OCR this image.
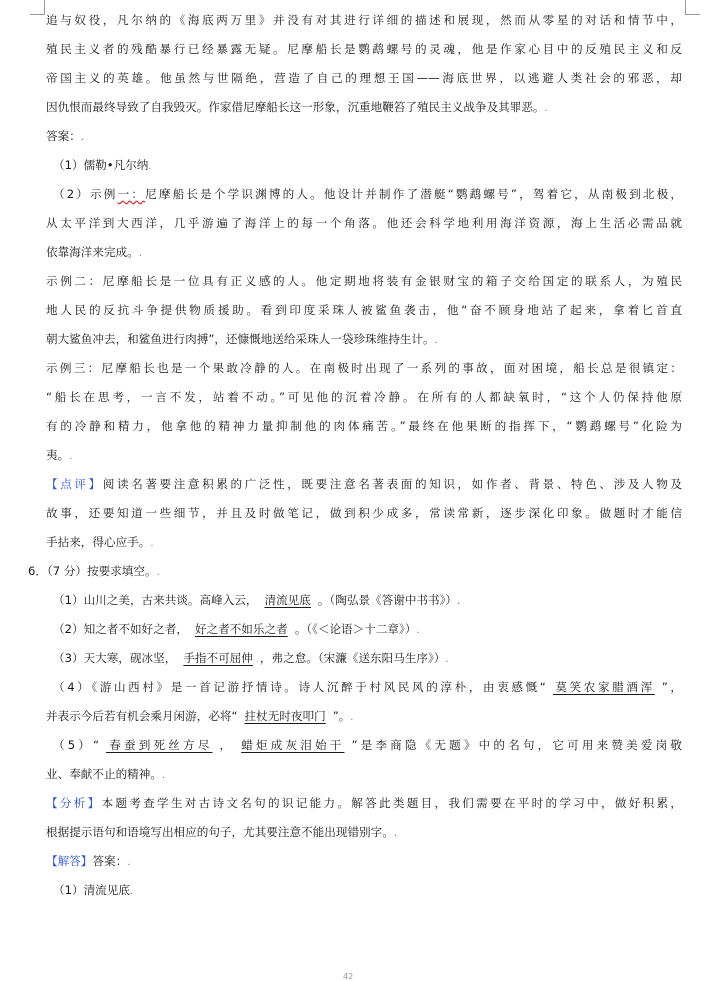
追与奴役，凡尔纳的《海底两万里》并没有对其进行详细的描述和展现，然而从零星的对话和情节中，
殖民主义者的残酷暴行已经暴露无疑。尼摩船长是鹦鹉螺号的灵魂，他是作家心目中的反殖民主义和反
帝国主义的英雄。他虽然与世隔绝，营造了自己的理想王国——海底世界，以逃避人类社会的邪恶，却
因仇恨而最终导致了自我毁灭。作家借尼摩船长这一形象，沉重地鞭笞了殖民主义战争及其罪恶。.
答案：.
（1）儒勒•凡尔纳.
（2）示例一：尼摩船长是个学识渊博的人。他设计并制作了潜艇“鹦鹉螺号”，驾着它，从南极到北极，
从太平洋到大西洋，几乎游遍了海洋上的每一个角落。他还会科学地利用海洋资源，海上生活必需品就
依靠海洋来完成。.
示例二：尼摩船长是一位具有正义感的人。他定期地将装有金银财宝的箱子交给国定的联系人，为殖民
地人民的反抗斗争提供物质援助。看到印度采珠人被鲨鱼袭击，他“奋不顾身地站了起来，拿着匕首直
朝大鲨鱼冲去，和鲨鱼进行肉搏”，还慷慨地送给采珠人一袋珍珠维持生计。.
示例三：尼摩船长也是一个果敢冷静的人。在南极时出现了一系列的事故，面对困境，船长总是很镇定：
“船长在思考，一言不发，站着不动。”可见他的沉着冷静。在所有的人都缺氧时，“这个人仍保持他原
有的冷静和精力，他拿他的精神力量抑制他的肉体痛苦。”最终在他果断的指挥下，“鹦鹉螺号”化险为
夷。.
【点评】阅读名著要注意积累的广泛性，既要注意名著表面的知识，如作者、背景、特色、涉及人物及
故事，还要知道一些细节，并且及时做笔记，做到积少成多，常读常新，逐步深化印象。做题时才能信
手拈来，得心应手。.
6．（7 分）按要求填空。.
（1）山川之美，古来共谈。高峰入云， 清流见底 。（陶弘景《答谢中书书》）.
（2）知之者不如好之者， 好之者不如乐之者 。（《＜论语＞十二章》）.
（3）天大寒，砚冰坚， 手指不可屈伸 ，弗之怠。（宋濂《送东阳马生序》）.
（4）《游山西村》是一首记游抒情诗。诗人沉醉于村风民风的淳朴，由衷感慨“ 莫笑农家腊酒浑 ”，
并表示今后若有机会乘月闲游，必将“ 拄杖无时夜叩门 ”。.
（5）“ 春蚕到死丝方尽 ， 蜡炬成灰泪始干 ”是李商隐《无题》中的名句，它可用来赞美爱岗敬
业、奉献不止的精神。.
【分析】本题考查学生对古诗文名句的识记能力。解答此类题目，我们需要在平时的学习中，做好积累，
根据提示语句和语境写出相应的句子，尤其要注意不能出现错别字。.
【解答】答案：.
（1）清流见底.
42
